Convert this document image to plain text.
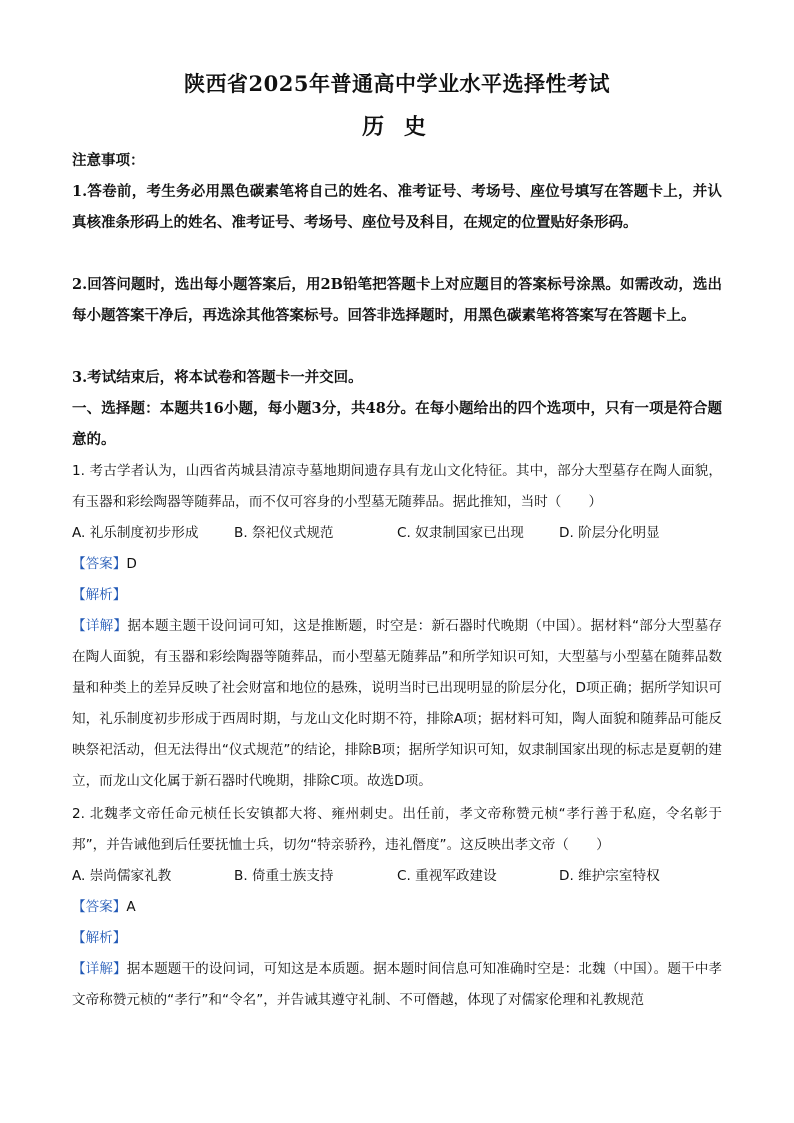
陕西省2025年普通高中学业水平选择性考试
历 史
注意事项：
1.答卷前，考生务必用黑色碳素笔将自己的姓名、准考证号、考场号、座位号填写在答题卡上，并认真核准条形码上的姓名、准考证号、考场号、座位号及科目，在规定的位置贴好条形码。
2.回答问题时，选出每小题答案后，用2B铅笔把答题卡上对应题目的答案标号涂黑。如需改动，选出每小题答案干净后，再选涂其他答案标号。回答非选择题时，用黑色碳素笔将答案写在答题卡上。
3.考试结束后，将本试卷和答题卡一并交回。
一、选择题：本题共16小题，每小题3分，共48分。在每小题给出的四个选项中，只有一项是符合题意的。
1. 考古学者认为，山西省芮城县清凉寺墓地期间遗存具有龙山文化特征。其中，部分大型墓存在陶人面貌，有玉器和彩绘陶器等随葬品，而不仅可容身的小型墓无随葬品。据此推知，当时（　　）
A. 礼乐制度初步形成	B. 祭祀仪式规范	C. 奴隶制国家已出现	D. 阶层分化明显
【答案】D
【解析】
【详解】据本题主题干设问词可知，这是推断题，时空是：新石器时代晚期（中国）。据材料“部分大型墓存在陶人面貌，有玉器和彩绘陶器等随葬品，而小型墓无随葬品”和所学知识可知，大型墓与小型墓在随葬品数量和种类上的差异反映了社会财富和地位的悬殊，说明当时已出现明显的阶层分化，D项正确；据所学知识可知，礼乐制度初步形成于西周时期，与龙山文化时期不符，排除A项；据材料可知，陶人面貌和随葬品可能反映祭祀活动，但无法得出“仪式规范”的结论，排除B项；据所学知识可知，奴隶制国家出现的标志是夏朝的建立，而龙山文化属于新石器时代晚期，排除C项。故选D项。
2. 北魏孝文帝任命元桢任长安镇都大将、雍州刺史。出任前，孝文帝称赞元桢“孝行善于私庭，令名彰于邦”，并告诫他到后任要抚恤士兵，切勿“特亲骄矜，违礼僭度”。这反映出孝文帝（　　）
A. 崇尚儒家礼教	B. 倚重士族支持	C. 重视军政建设	D. 维护宗室特权
【答案】A
【解析】
【详解】据本题题干的设问词，可知这是本质题。据本题时间信息可知准确时空是：北魏（中国）。题干中孝文帝称赞元桢的“孝行”和“令名”，并告诫其遵守礼制、不可僭越，体现了对儒家伦理和礼教规范
